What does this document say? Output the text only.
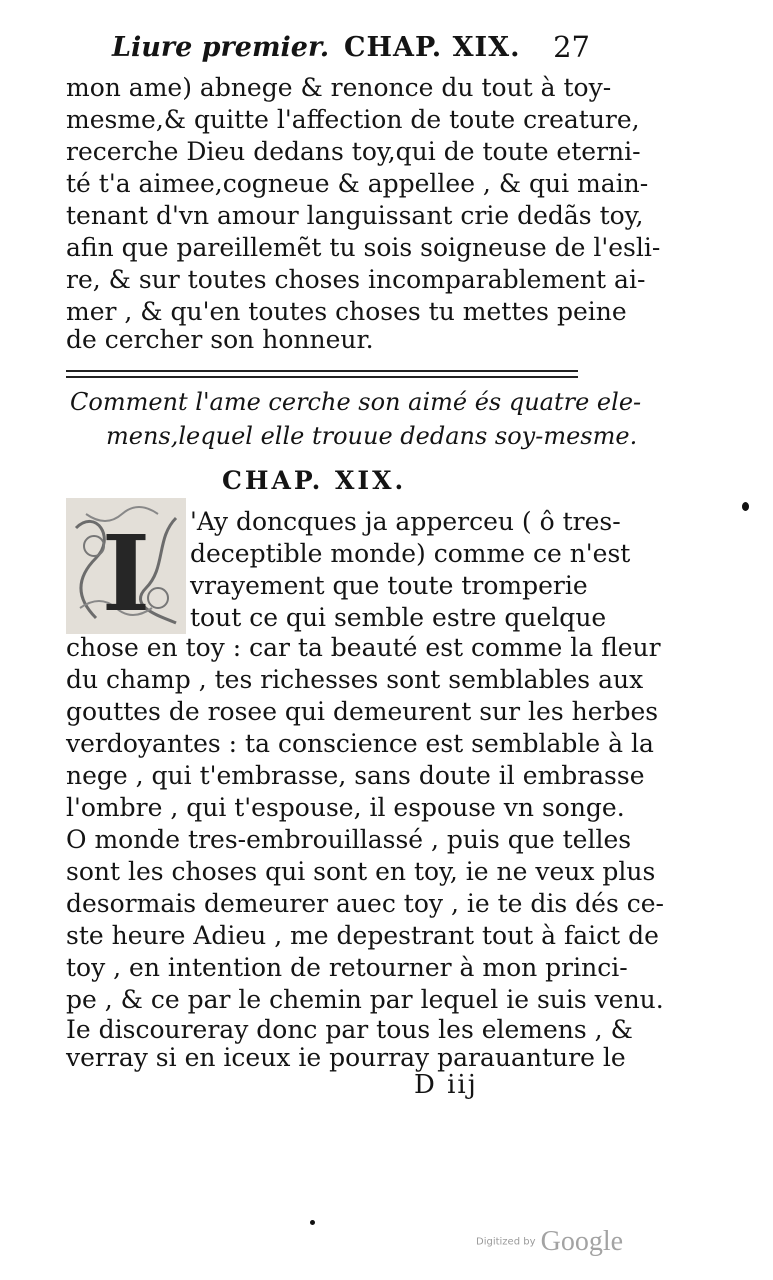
Liure premier. CHAP. XIX. 27
mon ame) abnege & renonce du tout à toy-
mesme,& quitte l'affection de toute creature,
recerche Dieu dedans toy,qui de toute eterni-
té t'a aimee,cogneue & appellee , & qui main-
tenant d'vn amour languissant crie dedãs toy,
afin que pareillemẽt tu sois soigneuse de l'esli-
re, & sur toutes choses incomparablement ai-
mer , & qu'en toutes choses tu mettes peine
de cercher son honneur.
Comment l'ame cerche son aimé és quatre ele-
mens,lequel elle trouue dedans soy-mesme.
CHAP. XIX.
I 'Ay doncques ja apperceu ( ô tres-
deceptible monde) comme ce n'est
vrayement que toute tromperie
tout ce qui semble estre quelque
chose en toy : car ta beauté est comme la fleur
du champ , tes richesses sont semblables aux
gouttes de rosee qui demeurent sur les herbes
verdoyantes : ta conscience est semblable à la
nege , qui t'embrasse, sans doute il embrasse
l'ombre , qui t'espouse, il espouse vn songe.
O monde tres-embrouillassé , puis que telles
sont les choses qui sont en toy, ie ne veux plus
desormais demeurer auec toy , ie te dis dés ce-
ste heure Adieu , me depestrant tout à faict de
toy , en intention de retourner à mon princi-
pe , & ce par le chemin par lequel ie suis venu.
Ie discoureray donc par tous les elemens , &
verray si en iceux ie pourray parauanture le
D iij
Digitized by Google
